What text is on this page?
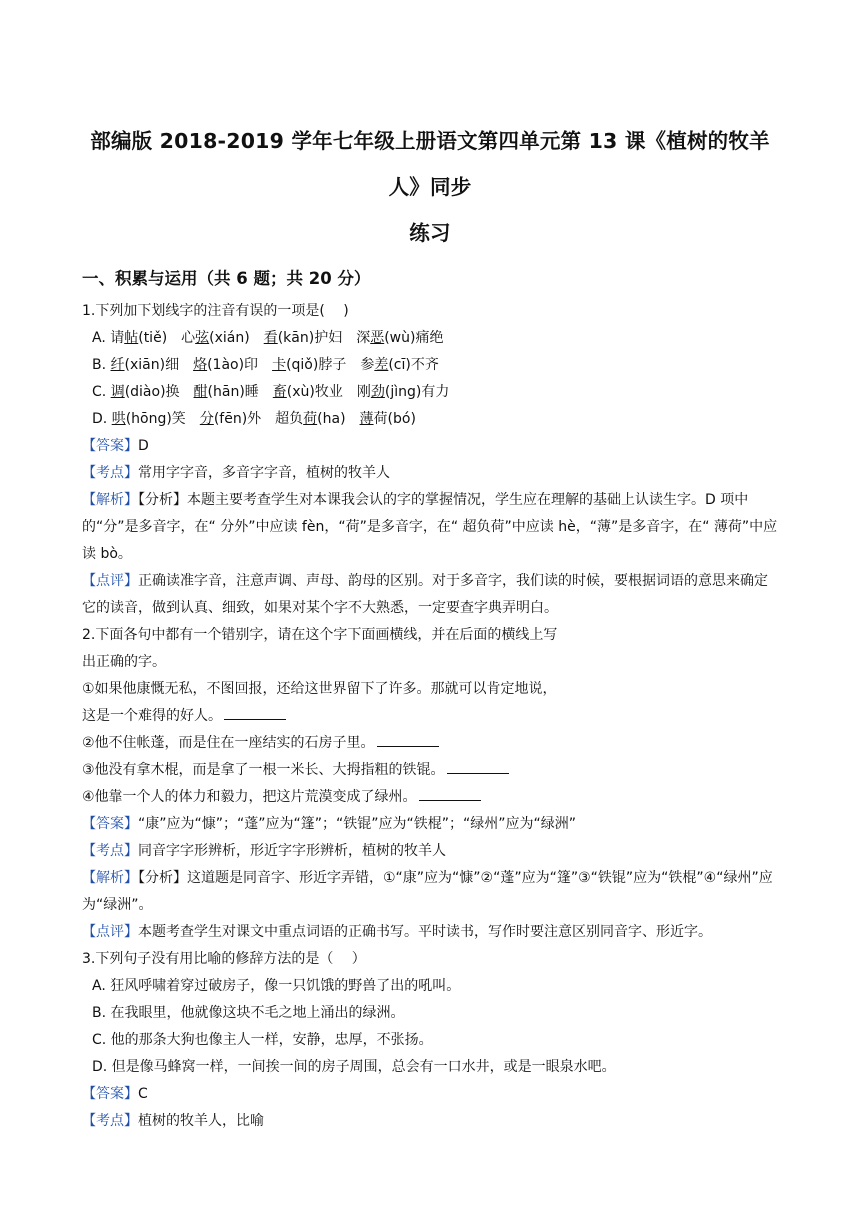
部编版 2018-2019 学年七年级上册语文第四单元第 13 课《植树的牧羊人》同步

练习

一、积累与运用（共 6 题；共 20 分）

1.下列加下划线字的注音有误的一项是(　 )

A. 请帖(tiě)　心弦(xián)　看(kān)护妇　深恶(wù)痛绝

B. 纤(xiān)细　烙(1ào)印　卡(qiǒ)脖子　参差(cī)不齐

C. 调(diào)换　酣(hān)睡　畜(xù)牧业　刚劲(jìng)有力

D. 哄(hōng)笑　分(fēn)外　超负荷(ha)　薄荷(bó)

【答案】D

【考点】常用字字音，多音字字音，植树的牧羊人

【解析】【分析】本题主要考查学生对本课我会认的字的掌握情况，学生应在理解的基础上认读生字。D 项中的“分”是多音字，在“ 分外”中应读 fèn，“荷”是多音字，在“ 超负荷”中应读 hè，“薄”是多音字，在“ 薄荷”中应读 bò。

【点评】正确读准字音，注意声调、声母、韵母的区别。对于多音字，我们读的时候，要根据词语的意思来确定它的读音，做到认真、细致，如果对某个字不大熟悉，一定要查字典弄明白。

2.下面各句中都有一个错别字，请在这个字下面画横线，并在后面的横线上写

出正确的字。

①如果他康慨无私，不图回报，还给这世界留下了许多。那就可以肯定地说，

这是一个难得的好人。

②他不住帐蓬，而是住在一座结实的石房子里。

③他没有拿木棍，而是拿了一根一米长、大拇指粗的铁锟。

④他靠一个人的体力和毅力，把这片荒漠变成了绿州。

【答案】“康”应为“慷”；“蓬”应为“篷”；“铁锟”应为“铁棍”；“绿州”应为“绿洲”

【考点】同音字字形辨析，形近字字形辨析，植树的牧羊人

【解析】【分析】这道题是同音字、形近字弄错，①“康”应为“慷”②“蓬”应为“篷”③“铁锟”应为“铁棍”④“绿州”应为“绿洲”。

【点评】本题考查学生对课文中重点词语的正确书写。平时读书，写作时要注意区别同音字、形近字。

3.下列句子没有用比喻的修辞方法的是（　 ）

A. 狂风呼啸着穿过破房子，像一只饥饿的野兽了出的吼叫。

B. 在我眼里，他就像这块不毛之地上涌出的绿洲。

C. 他的那条大狗也像主人一样，安静，忠厚，不张扬。

D. 但是像马蜂窝一样，一间挨一间的房子周围，总会有一口水井，或是一眼泉水吧。

【答案】C

【考点】植树的牧羊人，比喻
